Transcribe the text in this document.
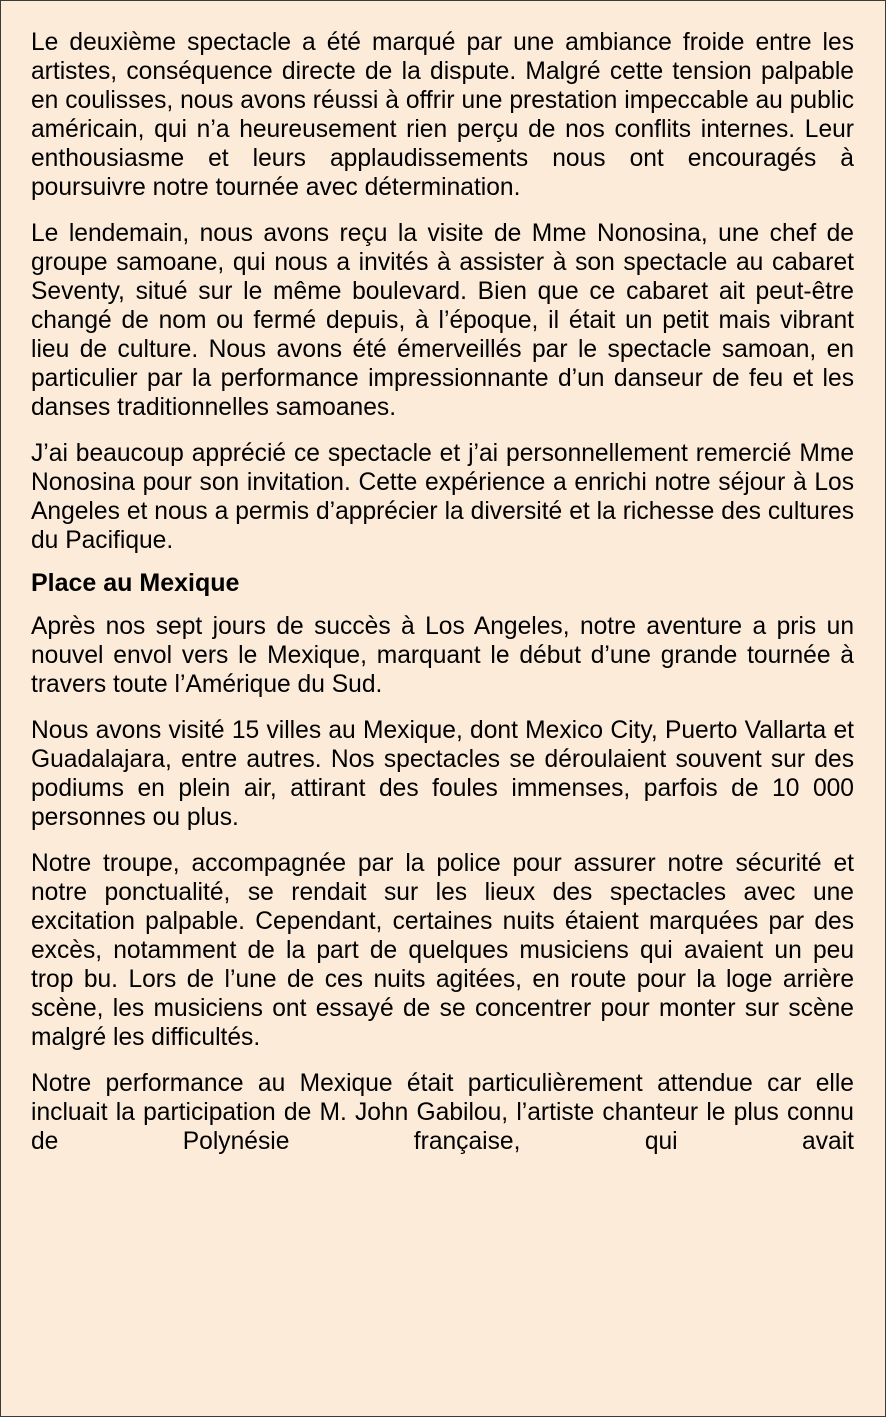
Le deuxième spectacle a été marqué par une ambiance froide entre les artistes, conséquence directe de la dispute. Malgré cette tension palpable en coulisses, nous avons réussi à offrir une prestation impeccable au public américain, qui n’a heureusement rien perçu de nos conflits internes. Leur enthousiasme et leurs applaudissements nous ont encouragés à poursuivre notre tournée avec détermination.

Le lendemain, nous avons reçu la visite de Mme Nonosina, une chef de groupe samoane, qui nous a invités à assister à son spectacle au cabaret Seventy, situé sur le même boulevard. Bien que ce cabaret ait peut-être changé de nom ou fermé depuis, à l’époque, il était un petit mais vibrant lieu de culture. Nous avons été émerveillés par le spectacle samoan, en particulier par la performance impressionnante d’un danseur de feu et les danses traditionnelles samoanes.

J’ai beaucoup apprécié ce spectacle et j’ai personnellement remercié Mme Nonosina pour son invitation. Cette expérience a enrichi notre séjour à Los Angeles et nous a permis d’apprécier la diversité et la richesse des cultures du Pacifique.

Place au Mexique

Après nos sept jours de succès à Los Angeles, notre aventure a pris un nouvel envol vers le Mexique, marquant le début d’une grande tournée à travers toute l’Amérique du Sud.

Nous avons visité 15 villes au Mexique, dont Mexico City, Puerto Vallarta et Guadalajara, entre autres. Nos spectacles se déroulaient souvent sur des podiums en plein air, attirant des foules immenses, parfois de 10 000 personnes ou plus.

Notre troupe, accompagnée par la police pour assurer notre sécurité et notre ponctualité, se rendait sur les lieux des spectacles avec une excitation palpable. Cependant, certaines nuits étaient marquées par des excès, notamment de la part de quelques musiciens qui avaient un peu trop bu. Lors de l’une de ces nuits agitées, en route pour la loge arrière scène, les musiciens ont essayé de se concentrer pour monter sur scène malgré les difficultés.

Notre performance au Mexique était particulièrement attendue car elle incluait la participation de M. John Gabilou, l’artiste chanteur le plus connu de Polynésie française, qui avait
